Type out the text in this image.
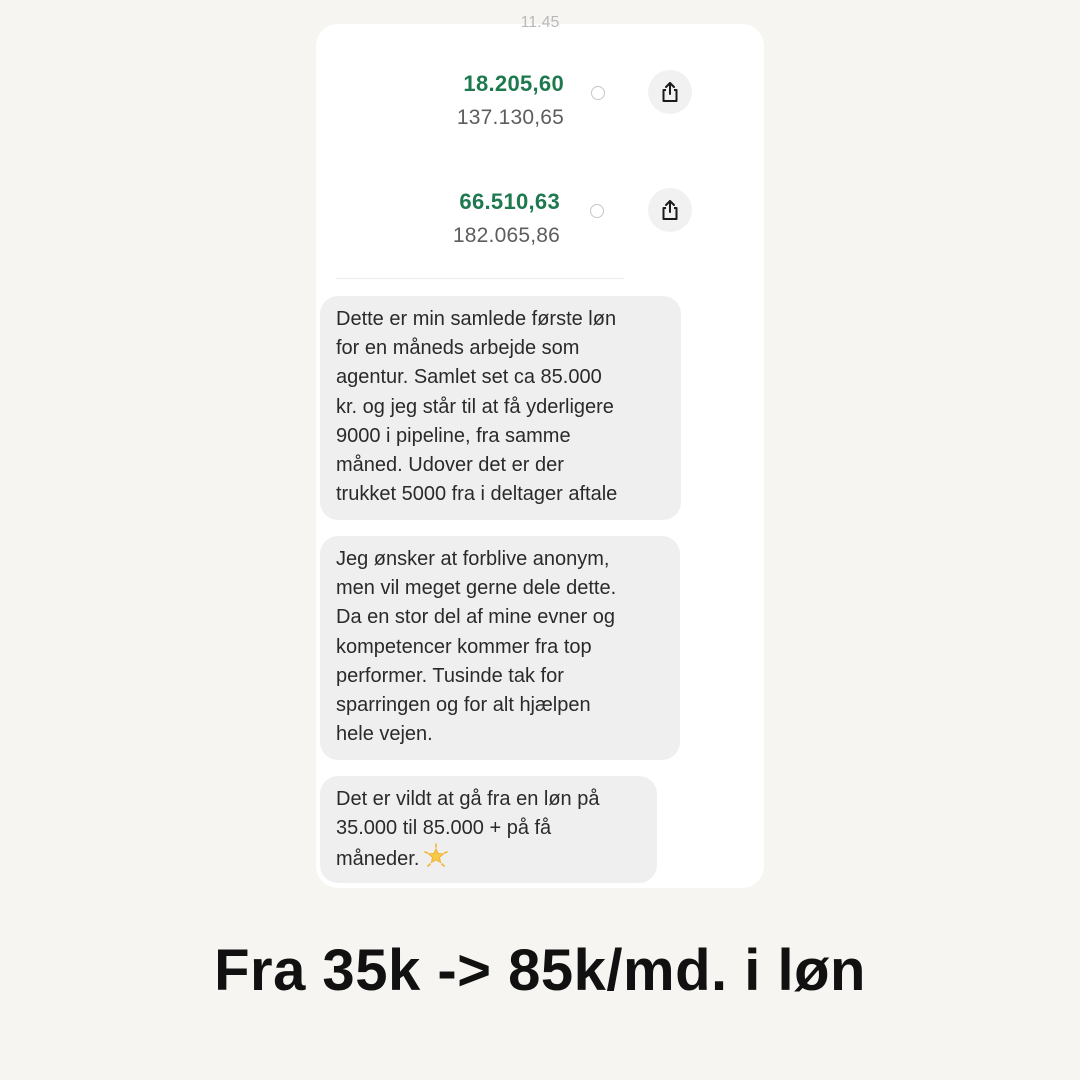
11.45
18.205,60
137.130,65
66.510,63
182.065,86
Dette er min samlede første løn
for en måneds arbejde som
agentur. Samlet set ca 85.000
kr. og jeg står til at få yderligere
9000 i pipeline, fra samme
måned. Udover det er der
trukket 5000 fra i deltager aftale
Jeg ønsker at forblive anonym,
men vil meget gerne dele dette.
Da en stor del af mine evner og
kompetencer kommer fra top
performer. Tusinde tak for
sparringen og for alt hjælpen
hele vejen.
Det er vildt at gå fra en løn på
35.000 til 85.000 + på få
måneder.
Fra 35k -> 85k/md. i løn
